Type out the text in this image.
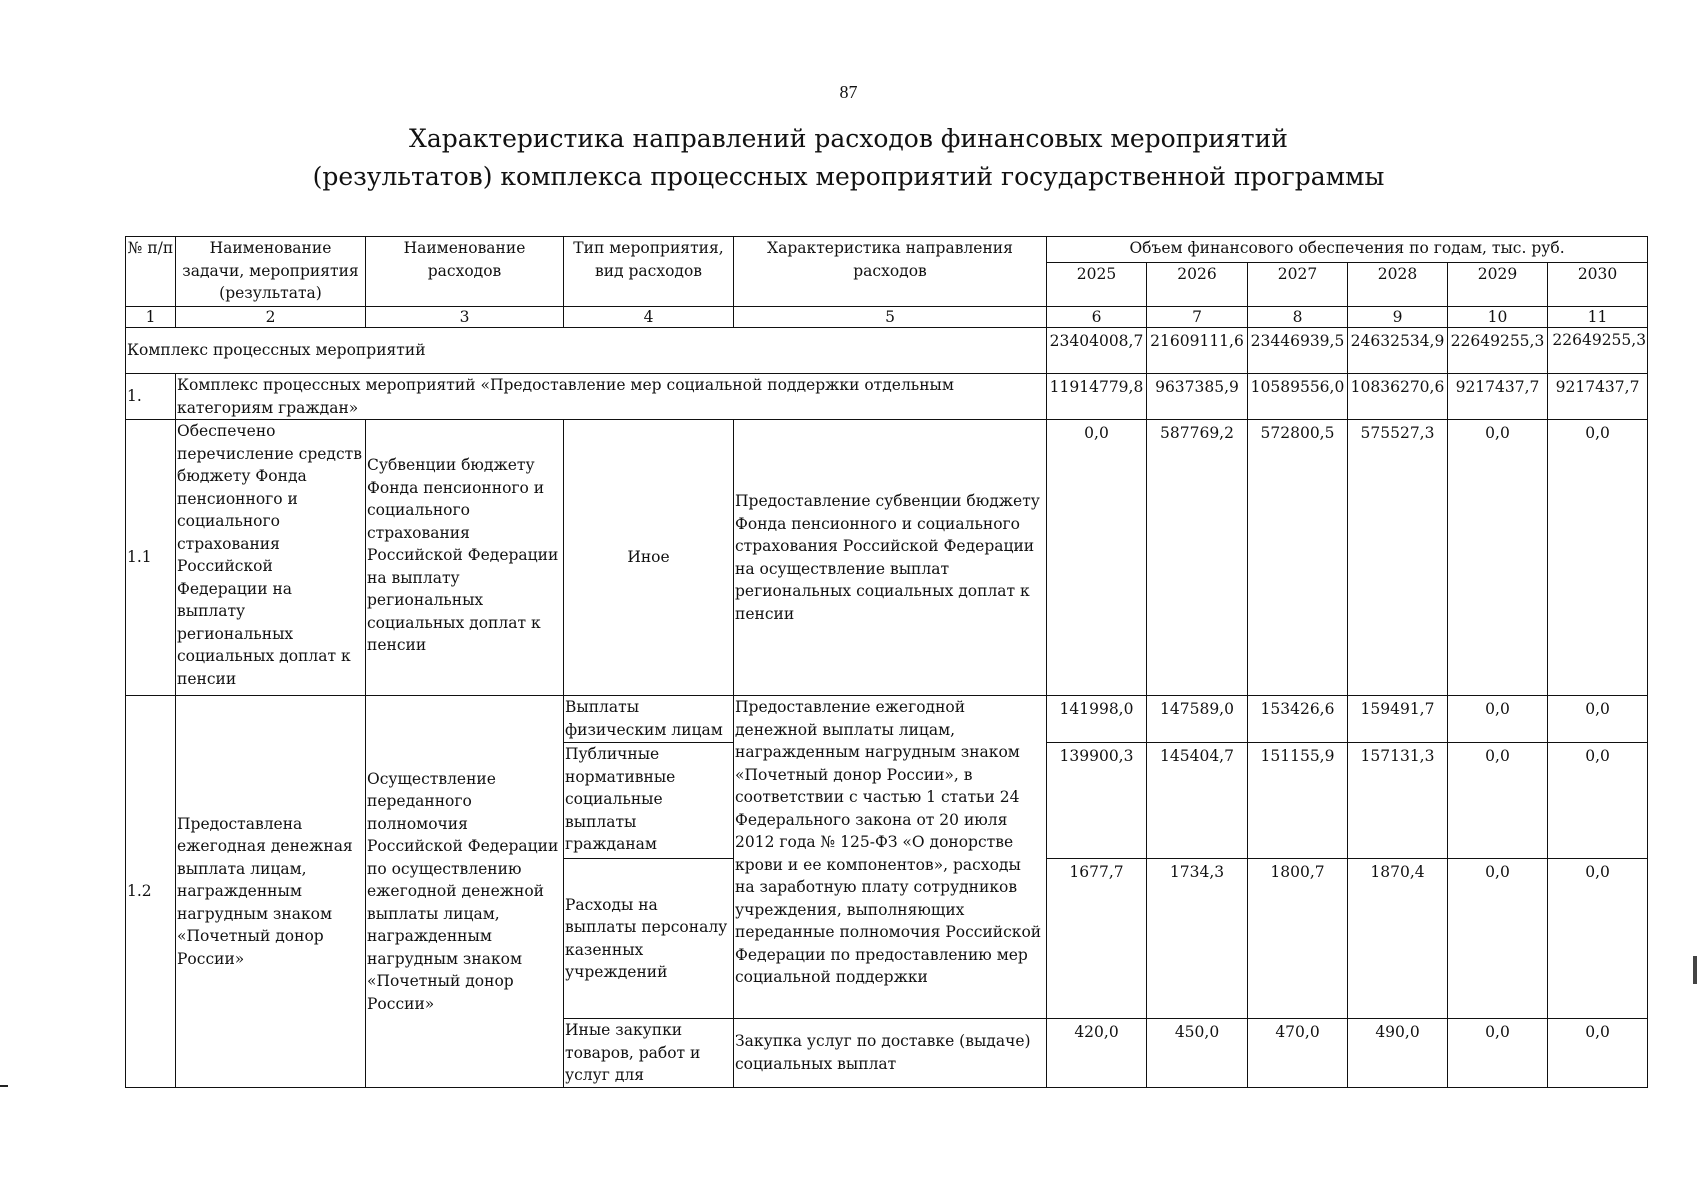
87
Характеристика направлений расходов финансовых мероприятий
(результатов) комплекса процессных мероприятий государственной программы
№ п/п	Наименование задачи, мероприятия (результата)	Наименование расходов	Тип мероприятия, вид расходов	Характеристика направления расходов	Объем финансового обеспечения по годам, тыс. руб.					
					2025	2026	2027	2028	2029	2030
1	2	3	4	5	6	7	8	9	10	11
Комплекс процессных мероприятий					23404008,7	21609111,6	23446939,5	24632534,9	22649255,3	22649255,3
1.	Комплекс процессных мероприятий «Предоставление мер социальной поддержки отдельным категориям граждан»				11914779,8	9637385,9	10589556,0	10836270,6	9217437,7	9217437,7
1.1	Обеспечено перечисление средств бюджету Фонда пенсионного и социального страхования Российской Федерации на выплату региональных социальных доплат к пенсии	Субвенции бюджету Фонда пенсионного и социального страхования Российской Федерации на выплату региональных социальных доплат к пенсии	Иное	Предоставление субвенции бюджету Фонда пенсионного и социального страхования Российской Федерации на осуществление выплат региональных социальных доплат к пенсии	0,0	587769,2	572800,5	575527,3	0,0	0,0
1.2	Предоставлена ежегодная денежная выплата лицам, награжденным нагрудным знаком «Почетный донор России»	Осуществление переданного полномочия Российской Федерации по осуществлению ежегодной денежной выплаты лицам, награжденным нагрудным знаком «Почетный донор России»	Выплаты физическим лицам	Предоставление ежегодной денежной выплаты лицам, награжденным нагрудным знаком «Почетный донор России», в соответствии с частью 1 статьи 24 Федерального закона от 20 июля 2012 года № 125-ФЗ «О донорстве крови и ее компонентов», расходы на заработную плату сотрудников учреждения, выполняющих переданные полномочия Российской Федерации по предоставлению мер социальной поддержки	141998,0	147589,0	153426,6	159491,7	0,0	0,0
			Публичные нормативные социальные выплаты гражданам		139900,3	145404,7	151155,9	157131,3	0,0	0,0
			Расходы на выплаты персоналу казенных учреждений		1677,7	1734,3	1800,7	1870,4	0,0	0,0
			Иные закупки товаров, работ и услуг для	Закупка услуг по доставке (выдаче) социальных выплат	420,0	450,0	470,0	490,0	0,0	0,0
